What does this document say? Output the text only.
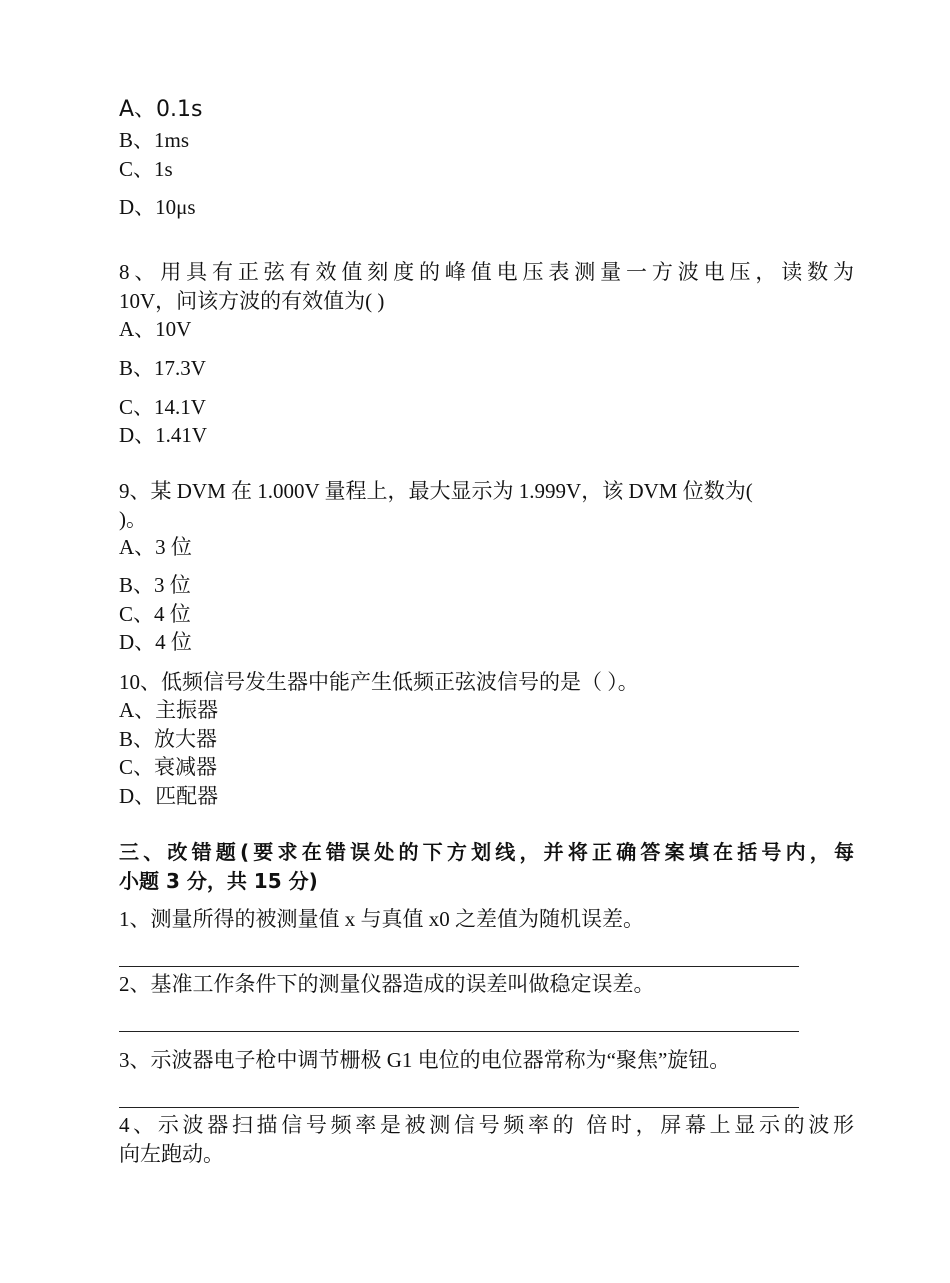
A、0.1s
B、1ms
C、1s
D、10μs
8、用具有正弦有效值刻度的峰值电压表测量一方波电压，读数为
10V，问该方波的有效值为( )
A、10V
B、17.3V
C、14.1V
D、1.41V
9、某 DVM 在 1.000V 量程上，最大显示为 1.999V，该 DVM 位数为(
)。
A、3 位
B、3 位
C、4 位
D、4 位
10、低频信号发生器中能产生低频正弦波信号的是（ ）。
A、主振器
B、放大器
C、衰减器
D、匹配器
三、改错题(要求在错误处的下方划线，并将正确答案填在括号内，每
小题 3 分，共 15 分)
1、测量所得的被测量值 x 与真值 x0 之差值为随机误差。
2、基准工作条件下的测量仪器造成的误差叫做稳定误差。
3、示波器电子枪中调节栅极 G1 电位的电位器常称为“聚焦”旋钮。
4、示波器扫描信号频率是被测信号频率的 倍时，屏幕上显示的波形
向左跑动。
